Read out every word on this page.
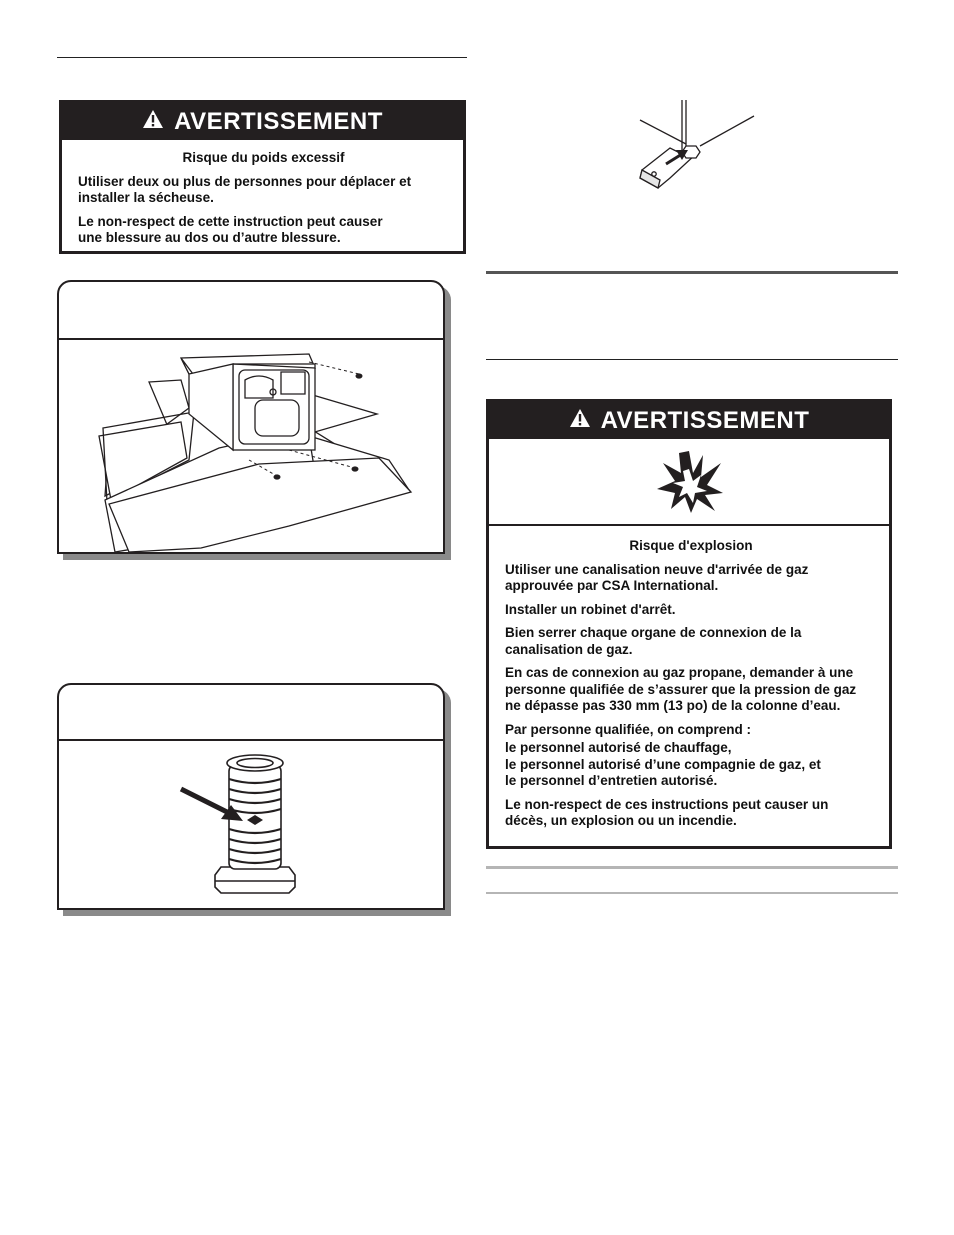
AVERTISSEMENT

Risque du poids excessif

Utiliser deux ou plus de personnes pour déplacer et installer la sécheuse.

Le non-respect de cette instruction peut causer une blessure au dos ou d’autre blessure.

AVERTISSEMENT

Risque d'explosion

Utiliser une canalisation neuve d'arrivée de gaz approuvée par CSA International.

Installer un robinet d'arrêt.

Bien serrer chaque organe de connexion de la canalisation de gaz.

En cas de connexion au gaz propane, demander à une personne qualifiée de s’assurer que la pression de gaz ne dépasse pas 330 mm (13 po) de la colonne d’eau.

Par personne qualifiée, on comprend :

le personnel autorisé de chauffage,

le personnel autorisé d’une compagnie de gaz, et

le personnel d’entretien autorisé.

Le non-respect de ces instructions peut causer un décès, un explosion ou un incendie.
